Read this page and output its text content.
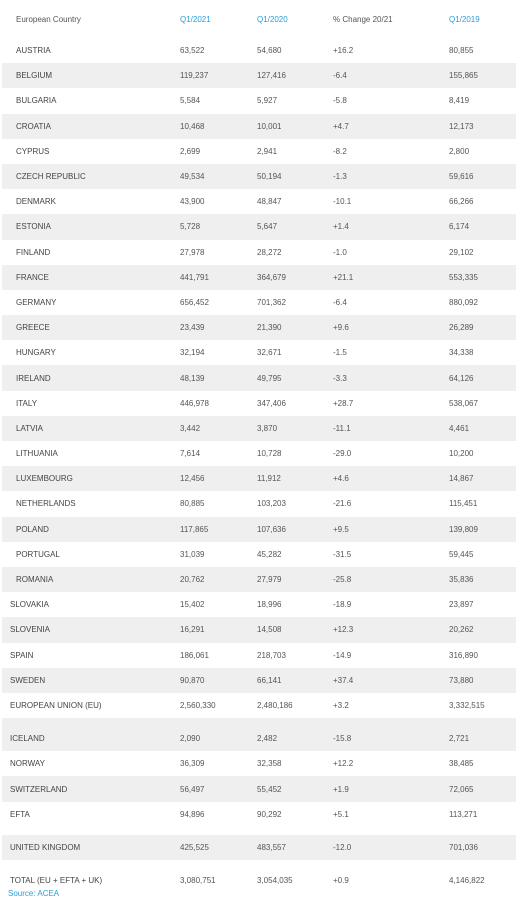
European Country	Q1/2021	Q1/2020	% Change 20/21	Q1/2019
AUSTRIA	63,522	54,680	+16.2	80,855
BELGIUM	119,237	127,416	-6.4	155,865
BULGARIA	5,584	5,927	-5.8	8,419
CROATIA	10,468	10,001	+4.7	12,173
CYPRUS	2,699	2,941	-8.2	2,800
CZECH REPUBLIC	49,534	50,194	-1.3	59,616
DENMARK	43,900	48,847	-10.1	66,266
ESTONIA	5,728	5,647	+1.4	6,174
FINLAND	27,978	28,272	-1.0	29,102
FRANCE	441,791	364,679	+21.1	553,335
GERMANY	656,452	701,362	-6.4	880,092
GREECE	23,439	21,390	+9.6	26,289
HUNGARY	32,194	32,671	-1.5	34,338
IRELAND	48,139	49,795	-3.3	64,126
ITALY	446,978	347,406	+28.7	538,067
LATVIA	3,442	3,870	-11.1	4,461
LITHUANIA	7,614	10,728	-29.0	10,200
LUXEMBOURG	12,456	11,912	+4.6	14,867
NETHERLANDS	80,885	103,203	-21.6	115,451
POLAND	117,865	107,636	+9.5	139,809
PORTUGAL	31,039	45,282	-31.5	59,445
ROMANIA	20,762	27,979	-25.8	35,836
SLOVAKIA	15,402	18,996	-18.9	23,897
SLOVENIA	16,291	14,508	+12.3	20,262
SPAIN	186,061	218,703	-14.9	316,890
SWEDEN	90,870	66,141	+37.4	73,880
EUROPEAN UNION (EU)	2,560,330	2,480,186	+3.2	3,332,515

ICELAND	2,090	2,482	-15.8	2,721
NORWAY	36,309	32,358	+12.2	38,485
SWITZERLAND	56,497	55,452	+1.9	72,065
EFTA	94,896	90,292	+5.1	113,271

UNITED KINGDOM	425,525	483,557	-12.0	701,036

TOTAL (EU + EFTA + UK)	3,080,751	3,054,035	+0.9	4,146,822
Source: ACEA
